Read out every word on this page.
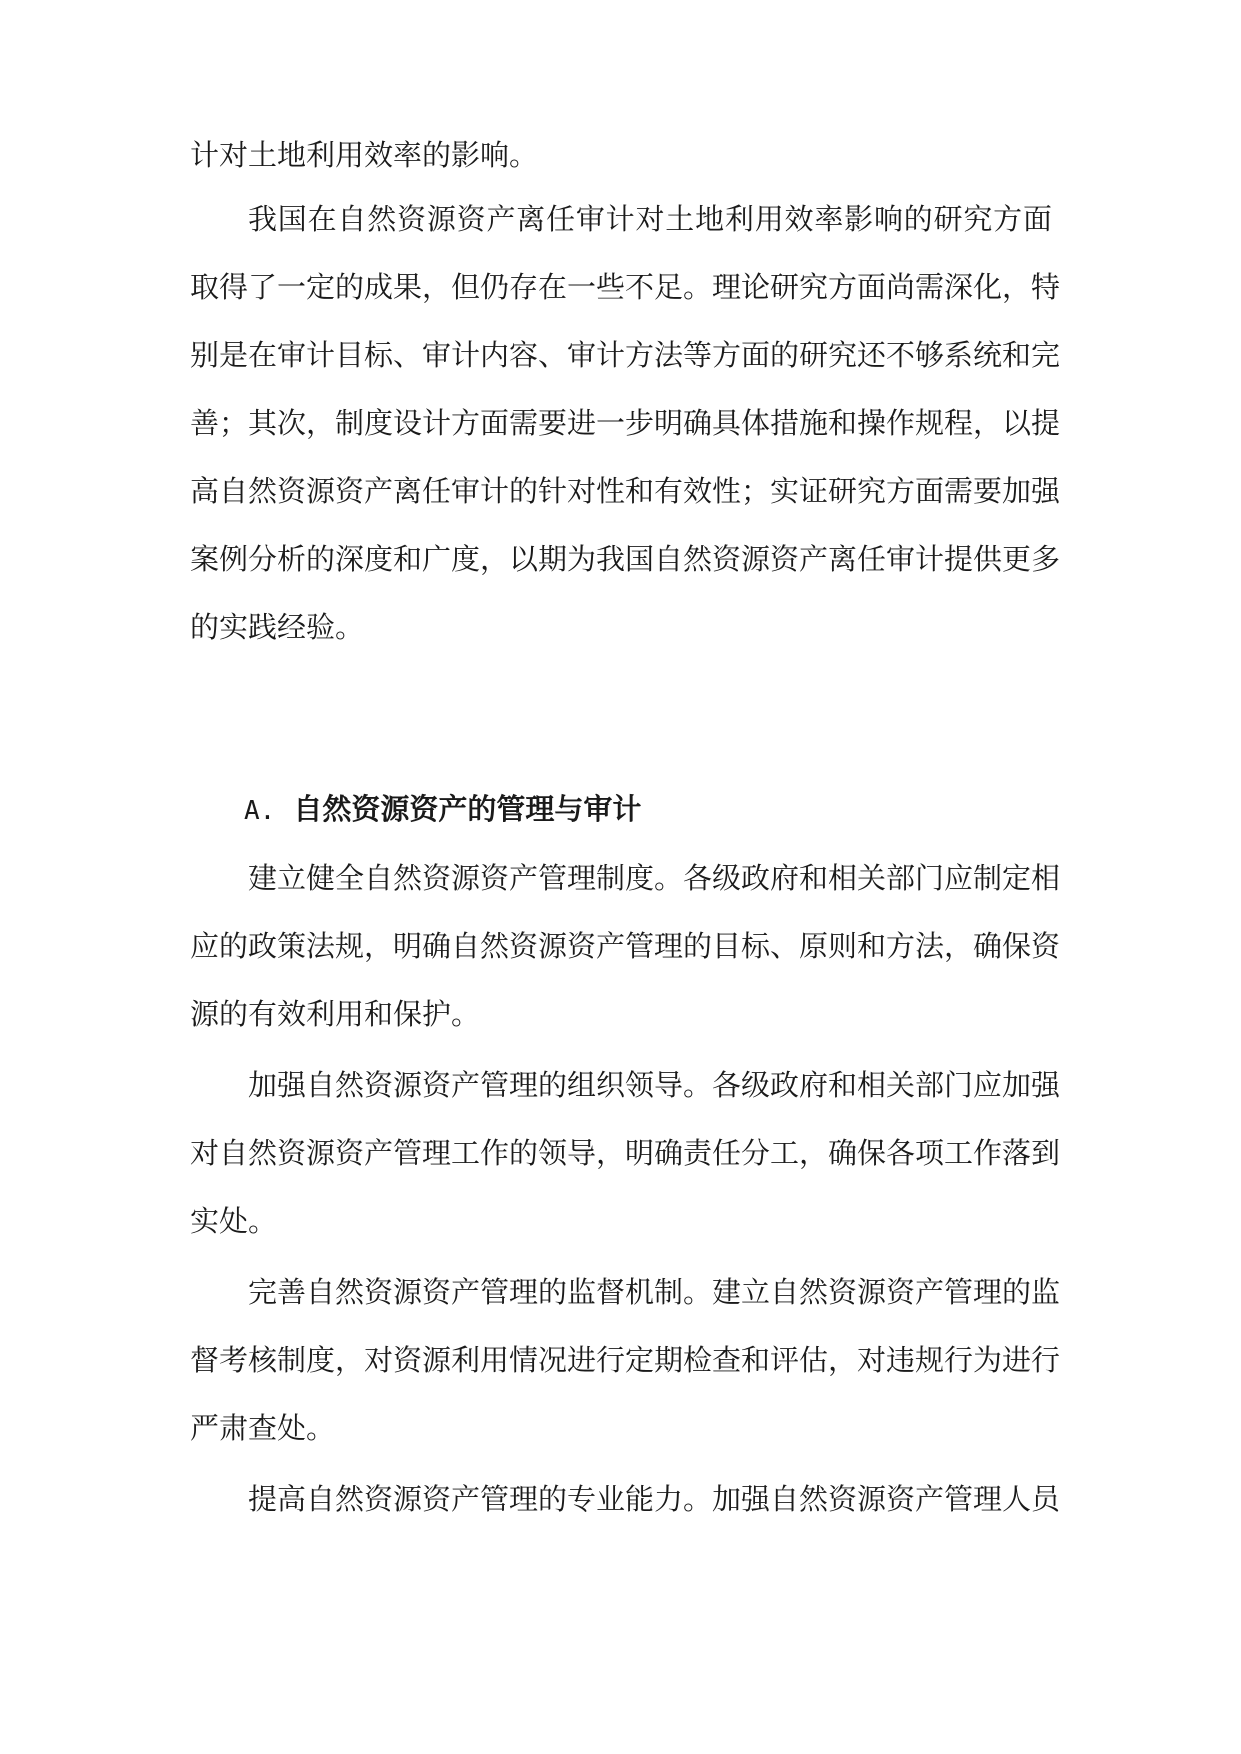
计对土地利用效率的影响。

我国在自然资源资产离任审计对土地利用效率影响的研究方面

取得了一定的成果，但仍存在一些不足。理论研究方面尚需深化，特

别是在审计目标、审计内容、审计方法等方面的研究还不够系统和完

善；其次，制度设计方面需要进一步明确具体措施和操作规程，以提

高自然资源资产离任审计的针对性和有效性；实证研究方面需要加强

案例分析的深度和广度，以期为我国自然资源资产离任审计提供更多

的实践经验。

A. 自然资源资产的管理与审计

建立健全自然资源资产管理制度。各级政府和相关部门应制定相

应的政策法规，明确自然资源资产管理的目标、原则和方法，确保资

源的有效利用和保护。

加强自然资源资产管理的组织领导。各级政府和相关部门应加强

对自然资源资产管理工作的领导，明确责任分工，确保各项工作落到

实处。

完善自然资源资产管理的监督机制。建立自然资源资产管理的监

督考核制度，对资源利用情况进行定期检查和评估，对违规行为进行

严肃查处。

提高自然资源资产管理的专业能力。加强自然资源资产管理人员
